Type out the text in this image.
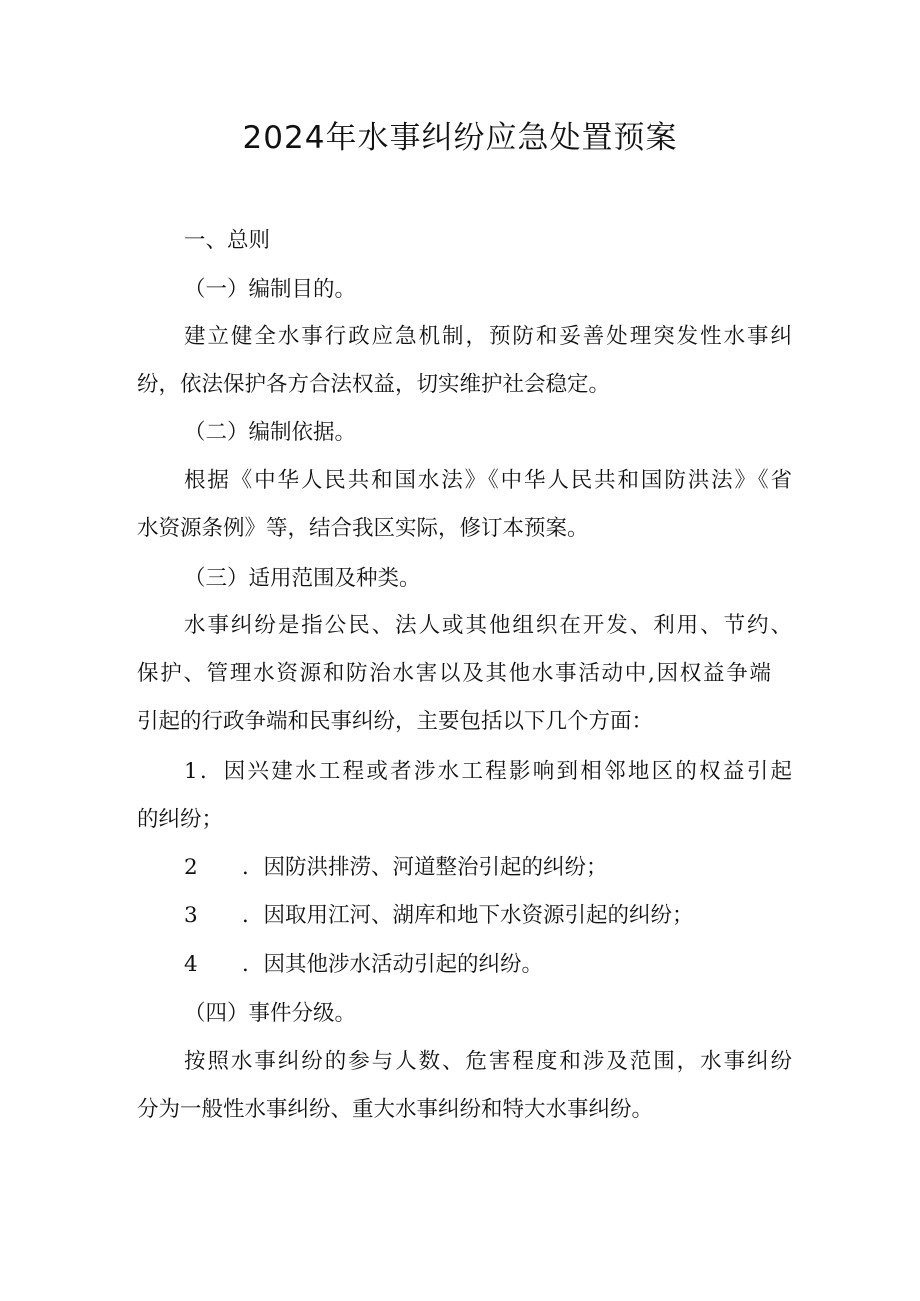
2024年水事纠纷应急处置预案
一、总则
（一）编制目的。
建立健全水事行政应急机制，预防和妥善处理突发性水事纠
纷，依法保护各方合法权益，切实维护社会稳定。
（二）编制依据。
根据《中华人民共和国水法》《中华人民共和国防洪法》《省
水资源条例》等，结合我区实际，修订本预案。
（三）适用范围及种类。
水事纠纷是指公民、法人或其他组织在开发、利用、节约、
保护、管理水资源和防治水害以及其他水事活动中,因权益争端
引起的行政争端和民事纠纷，主要包括以下几个方面：
1．因兴建水工程或者涉水工程影响到相邻地区的权益引起
的纠纷；
2 ．因防洪排涝、河道整治引起的纠纷；
3 ．因取用江河、湖库和地下水资源引起的纠纷；
4 ．因其他涉水活动引起的纠纷。
（四）事件分级。
按照水事纠纷的参与人数、危害程度和涉及范围，水事纠纷
分为一般性水事纠纷、重大水事纠纷和特大水事纠纷。
